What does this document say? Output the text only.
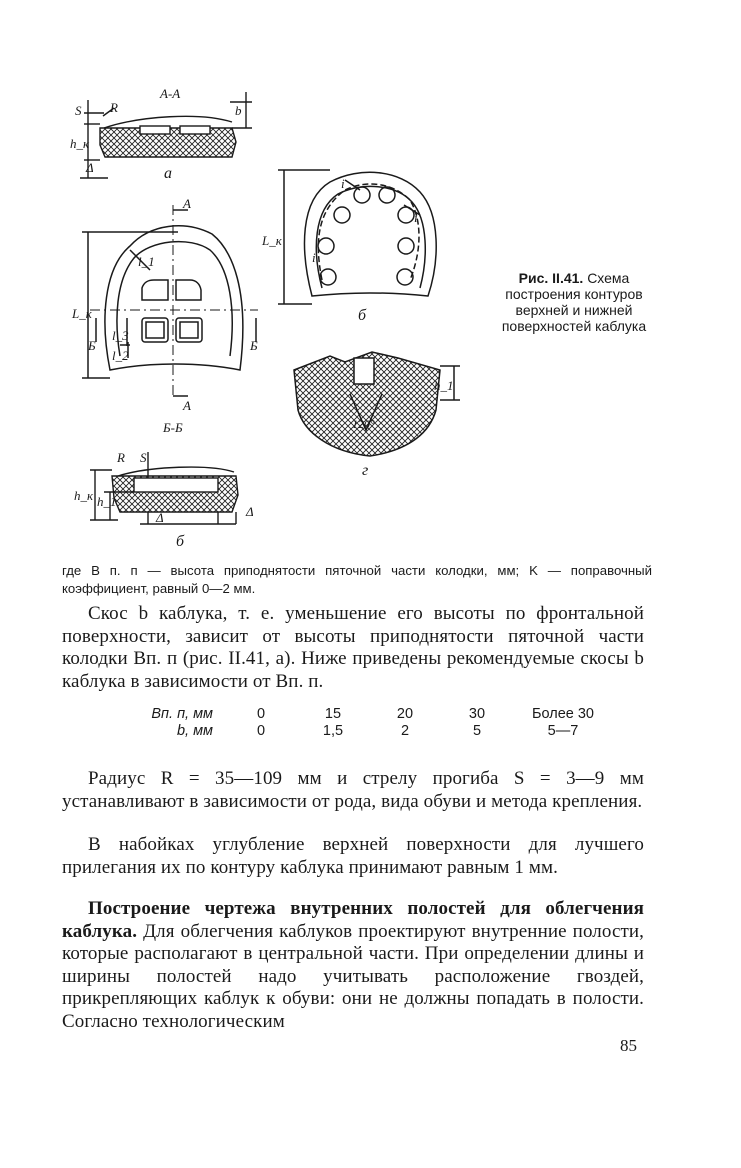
А-А
S R	b
h_к
Δ	а
А
А
Б	Б
L_к
l_1
l_3
l_2
Б-Б
R S
h_к h_1
Δ	Δ
б
L_к
i
i
i
б
120°
h_1
г
Рис. II.41. Схема построения контуров верхней и нижней поверхностей каблука
где B п. п — высота приподнятости пяточной части колодки, мм; K — поправочный коэффициент, равный 0—2 мм.
Скос b каблука, т. е. уменьшение его высоты по фронтальной поверхности, зависит от высоты приподнятости пяточной части колодки Bп. п (рис. II.41, а). Ниже приведены рекомендуемые скосы b каблука в зависимости от Bп. п.
Bп. п, мм	0	15	20	30	Более 30
b, мм	0	1,5	2	5	5—7
Радиус R = 35—109 мм и стрелу прогиба S = 3—9 мм устанавливают в зависимости от рода, вида обуви и метода крепления.
В набойках углубление верхней поверхности для лучшего прилегания их по контуру каблука принимают равным 1 мм.
Построение чертежа внутренних полостей для облегчения каблука. Для облегчения каблуков проектируют внутренние полости, которые располагают в центральной части. При определении длины и ширины полостей надо учитывать расположение гвоздей, прикрепляющих каблук к обуви: они не должны попадать в полости. Согласно технологическим
85
